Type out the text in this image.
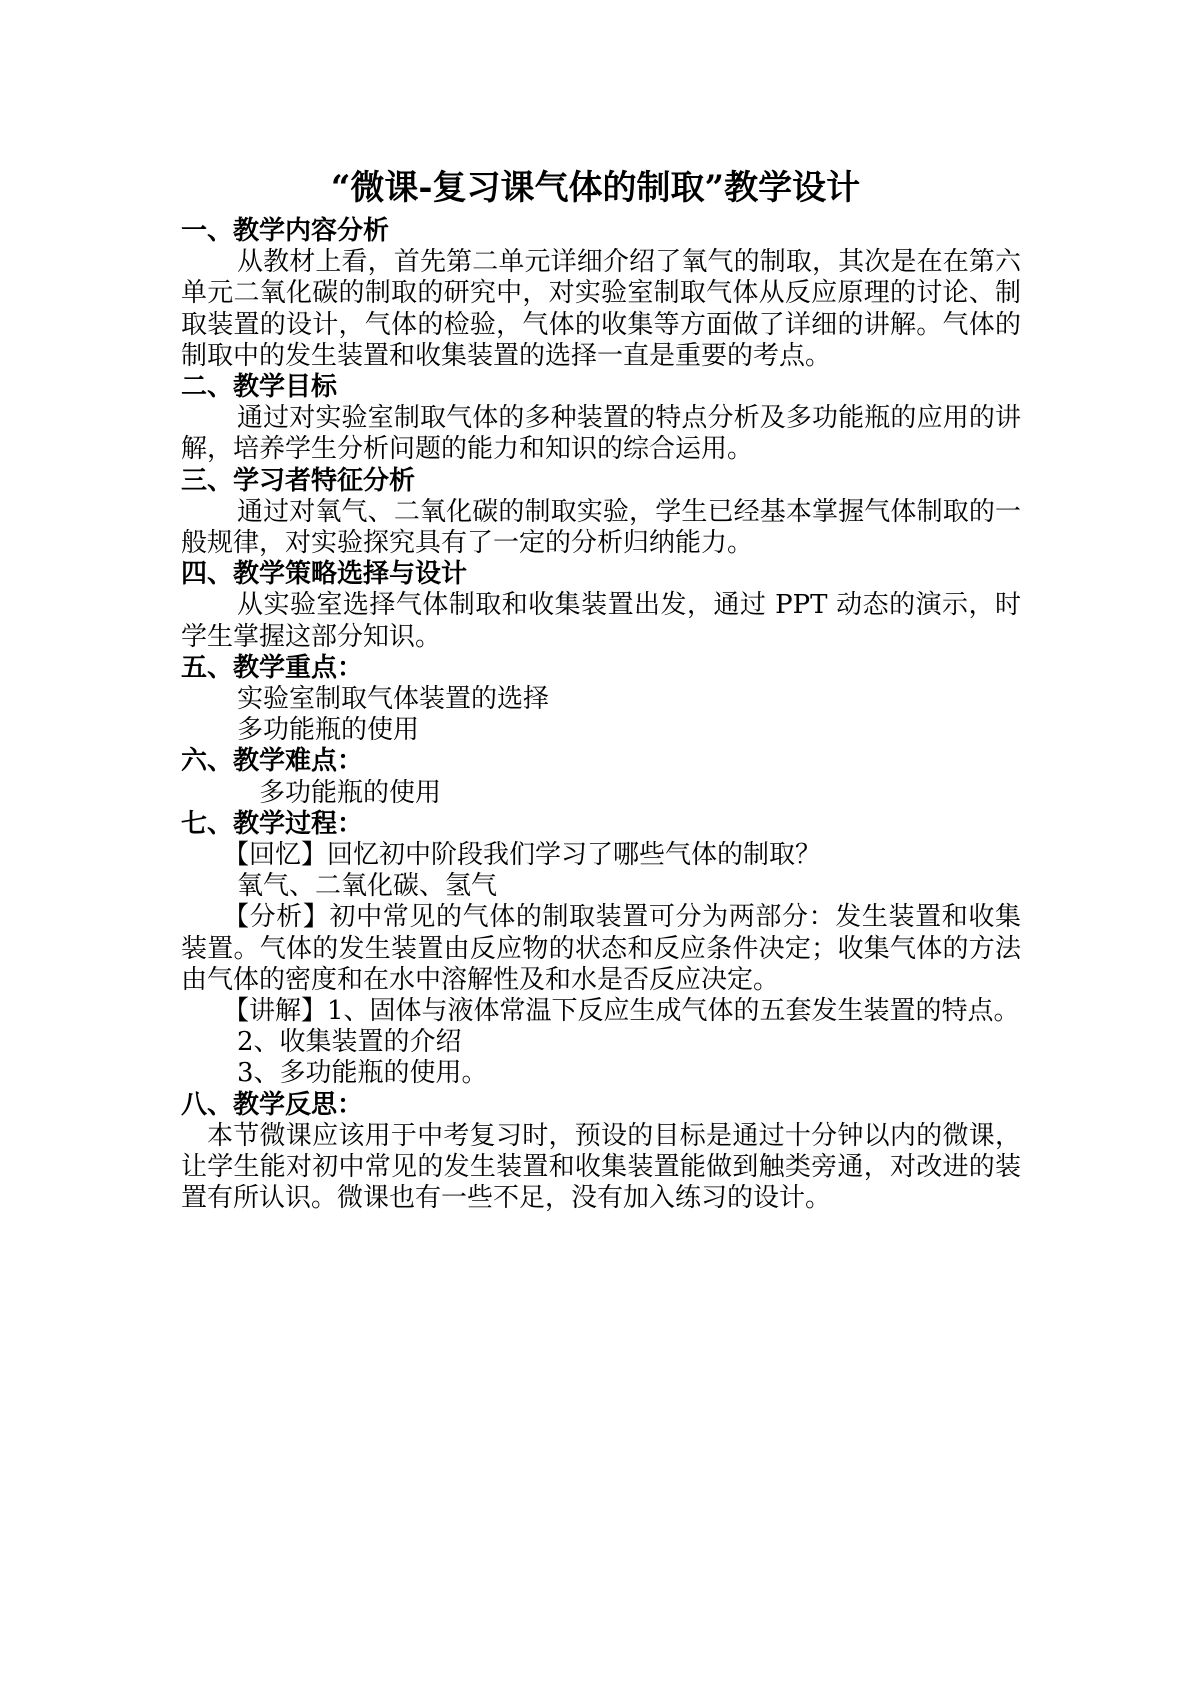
“微课-复习课气体的制取”教学设计
一、教学内容分析
从教材上看，首先第二单元详细介绍了氧气的制取，其次是在在第六单元二氧化碳的制取的研究中，对实验室制取气体从反应原理的讨论、制取装置的设计，气体的检验，气体的收集等方面做了详细的讲解。气体的制取中的发生装置和收集装置的选择一直是重要的考点。
二、教学目标
通过对实验室制取气体的多种装置的特点分析及多功能瓶的应用的讲解，培养学生分析问题的能力和知识的综合运用。
三、学习者特征分析
通过对氧气、二氧化碳的制取实验，学生已经基本掌握气体制取的一般规律，对实验探究具有了一定的分析归纳能力。
四、教学策略选择与设计
从实验室选择气体制取和收集装置出发，通过 PPT 动态的演示，时学生掌握这部分知识。
五、教学重点：
实验室制取气体装置的选择
多功能瓶的使用
六、教学难点：
多功能瓶的使用
七、教学过程：
【回忆】回忆初中阶段我们学习了哪些气体的制取？
氧气、二氧化碳、氢气
【分析】初中常见的气体的制取装置可分为两部分：发生装置和收集装置。气体的发生装置由反应物的状态和反应条件决定；收集气体的方法由气体的密度和在水中溶解性及和水是否反应决定。
【讲解】1、固体与液体常温下反应生成气体的五套发生装置的特点。
2、收集装置的介绍
3、多功能瓶的使用。
八、教学反思：
本节微课应该用于中考复习时，预设的目标是通过十分钟以内的微课，让学生能对初中常见的发生装置和收集装置能做到触类旁通，对改进的装置有所认识。微课也有一些不足，没有加入练习的设计。
